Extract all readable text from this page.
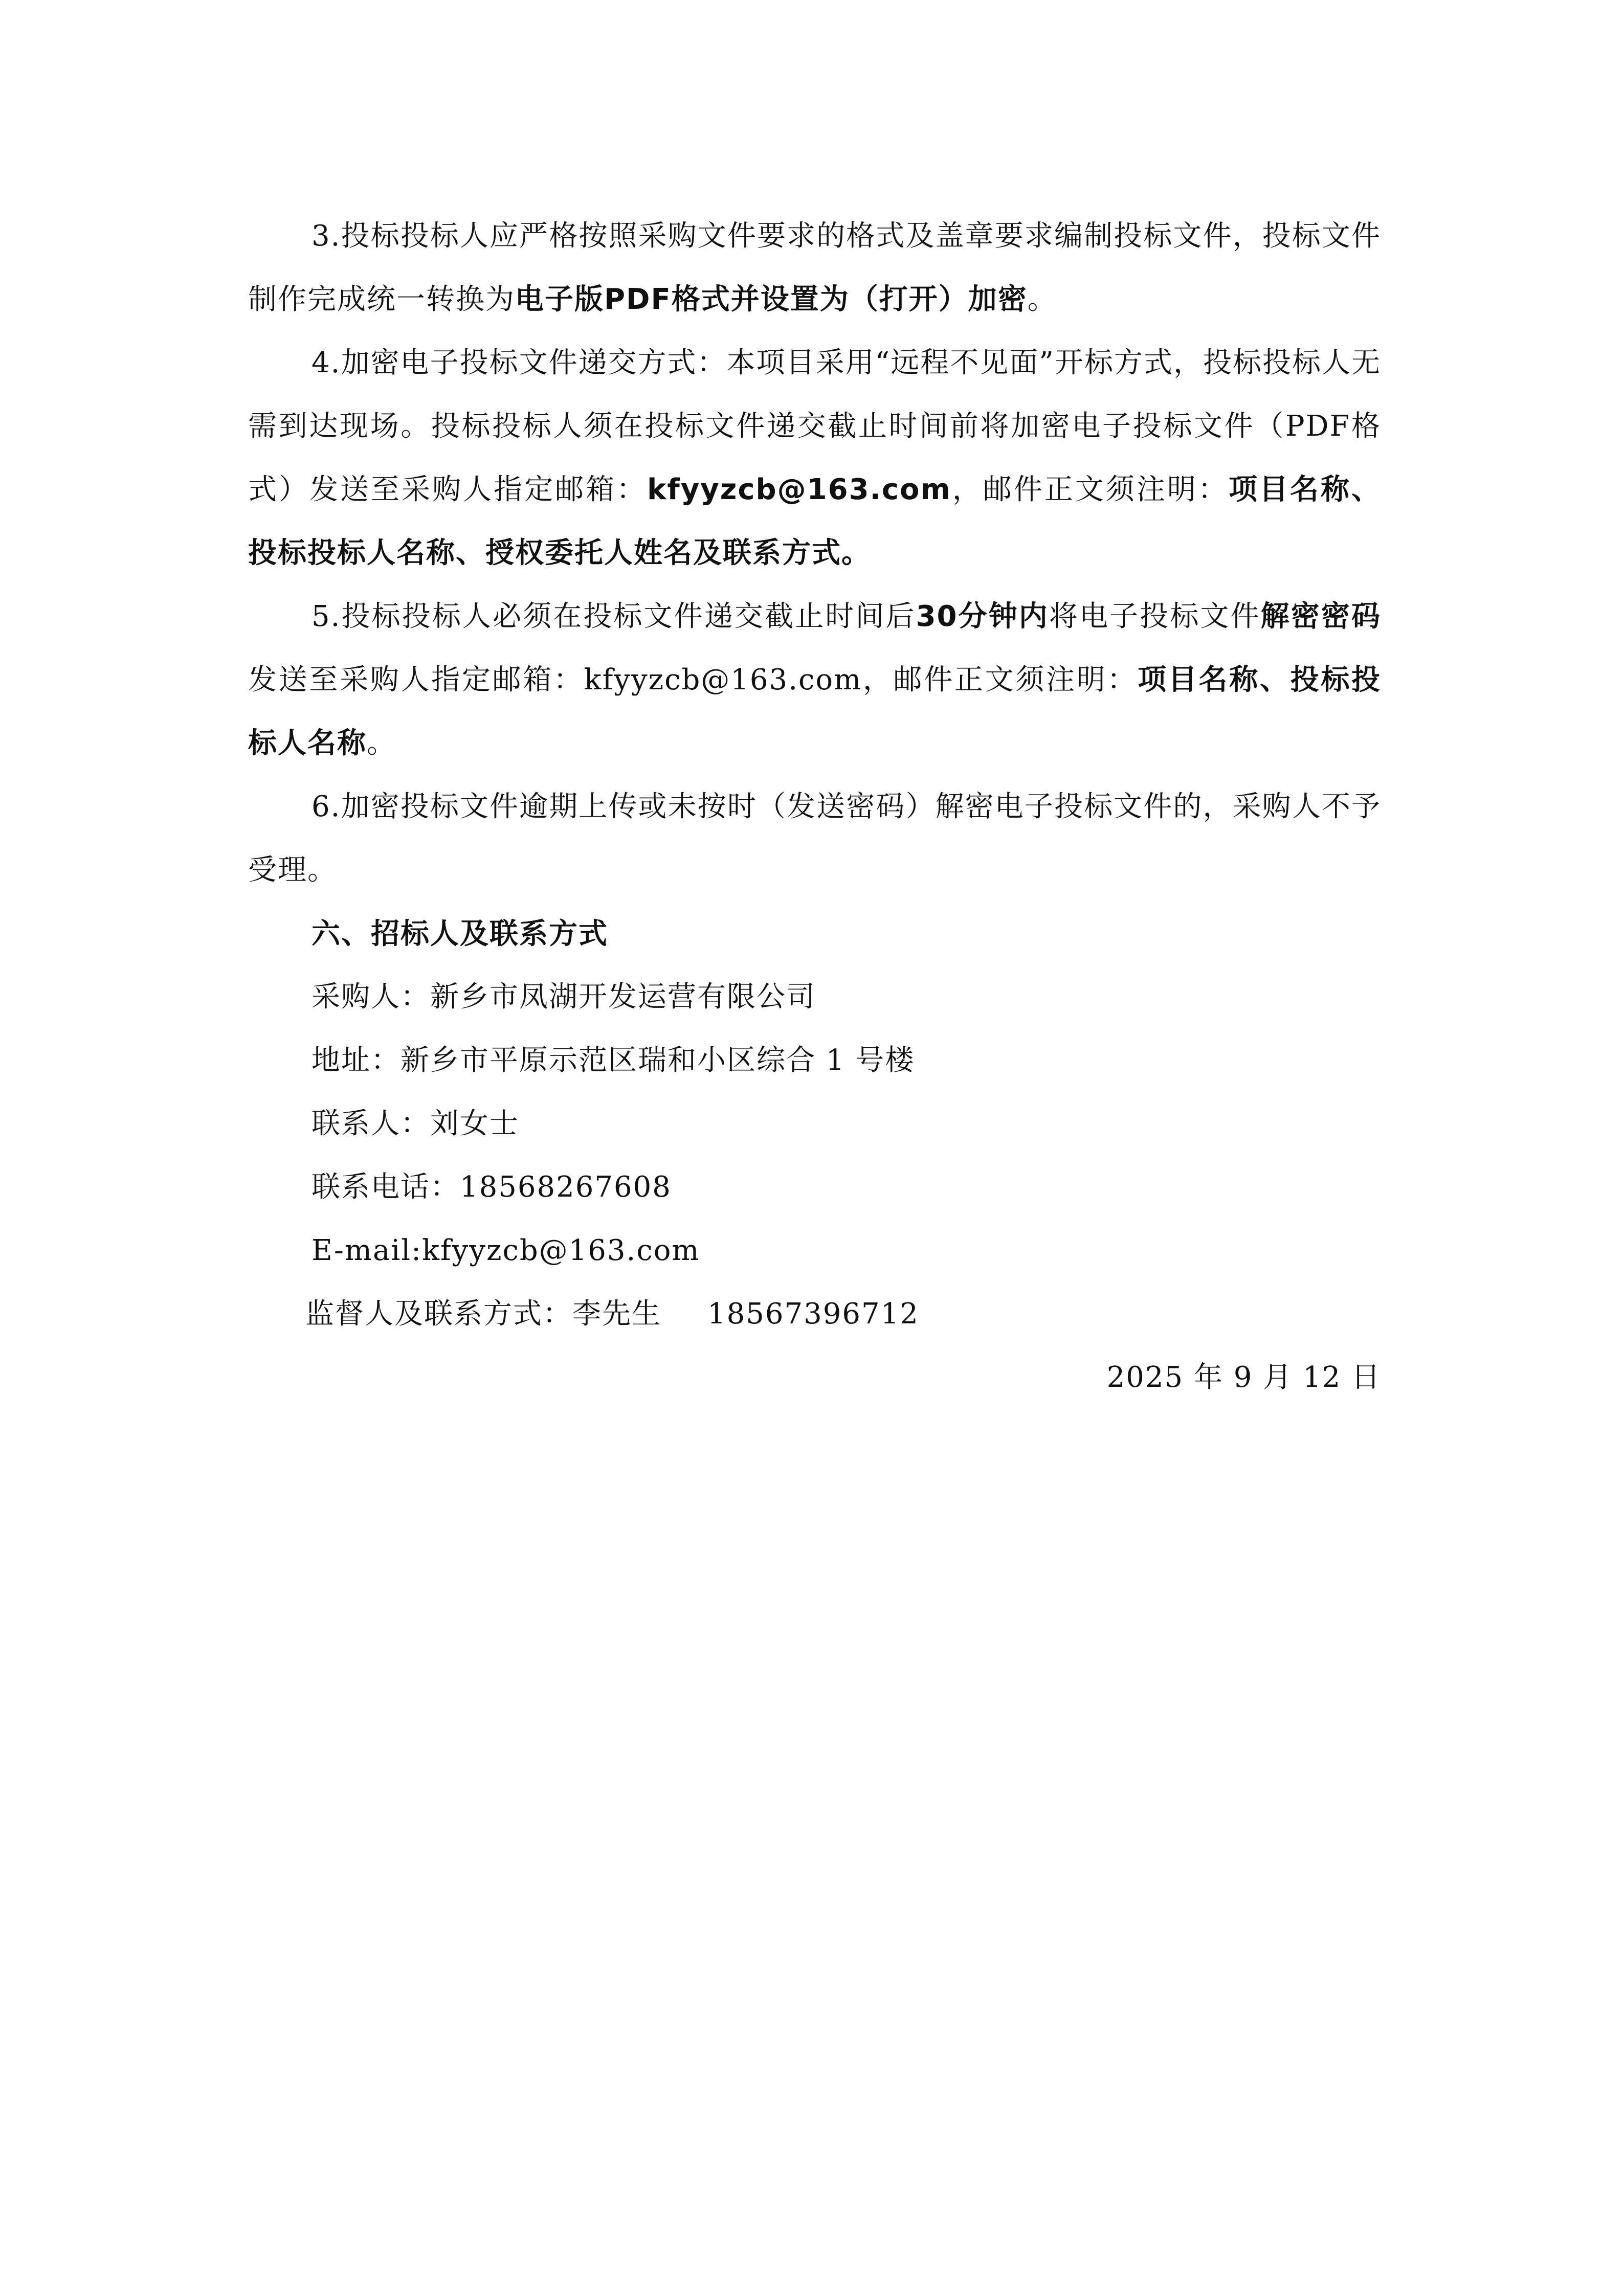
3.投标投标人应严格按照采购文件要求的格式及盖章要求编制投标文件，投标文件制作完成统一转换为电子版PDF格式并设置为（打开）加密。

4.加密电子投标文件递交方式：本项目采用“远程不见面”开标方式，投标投标人无需到达现场。投标投标人须在投标文件递交截止时间前将加密电子投标文件（PDF格式）发送至采购人指定邮箱：kfyyzcb@163.com，邮件正文须注明：项目名称、投标投标人名称、授权委托人姓名及联系方式。

5.投标投标人必须在投标文件递交截止时间后30分钟内将电子投标文件解密密码发送至采购人指定邮箱：kfyyzcb@163.com，邮件正文须注明：项目名称、投标投标人名称。

6.加密投标文件逾期上传或未按时（发送密码）解密电子投标文件的，采购人不予受理。

六、招标人及联系方式

采购人：新乡市凤湖开发运营有限公司

地址：新乡市平原示范区瑞和小区综合 1 号楼

联系人：刘女士

联系电话：18568267608

E-mail:kfyyzcb@163.com

监督人及联系方式：李先生 18567396712

2025 年 9 月 12 日
